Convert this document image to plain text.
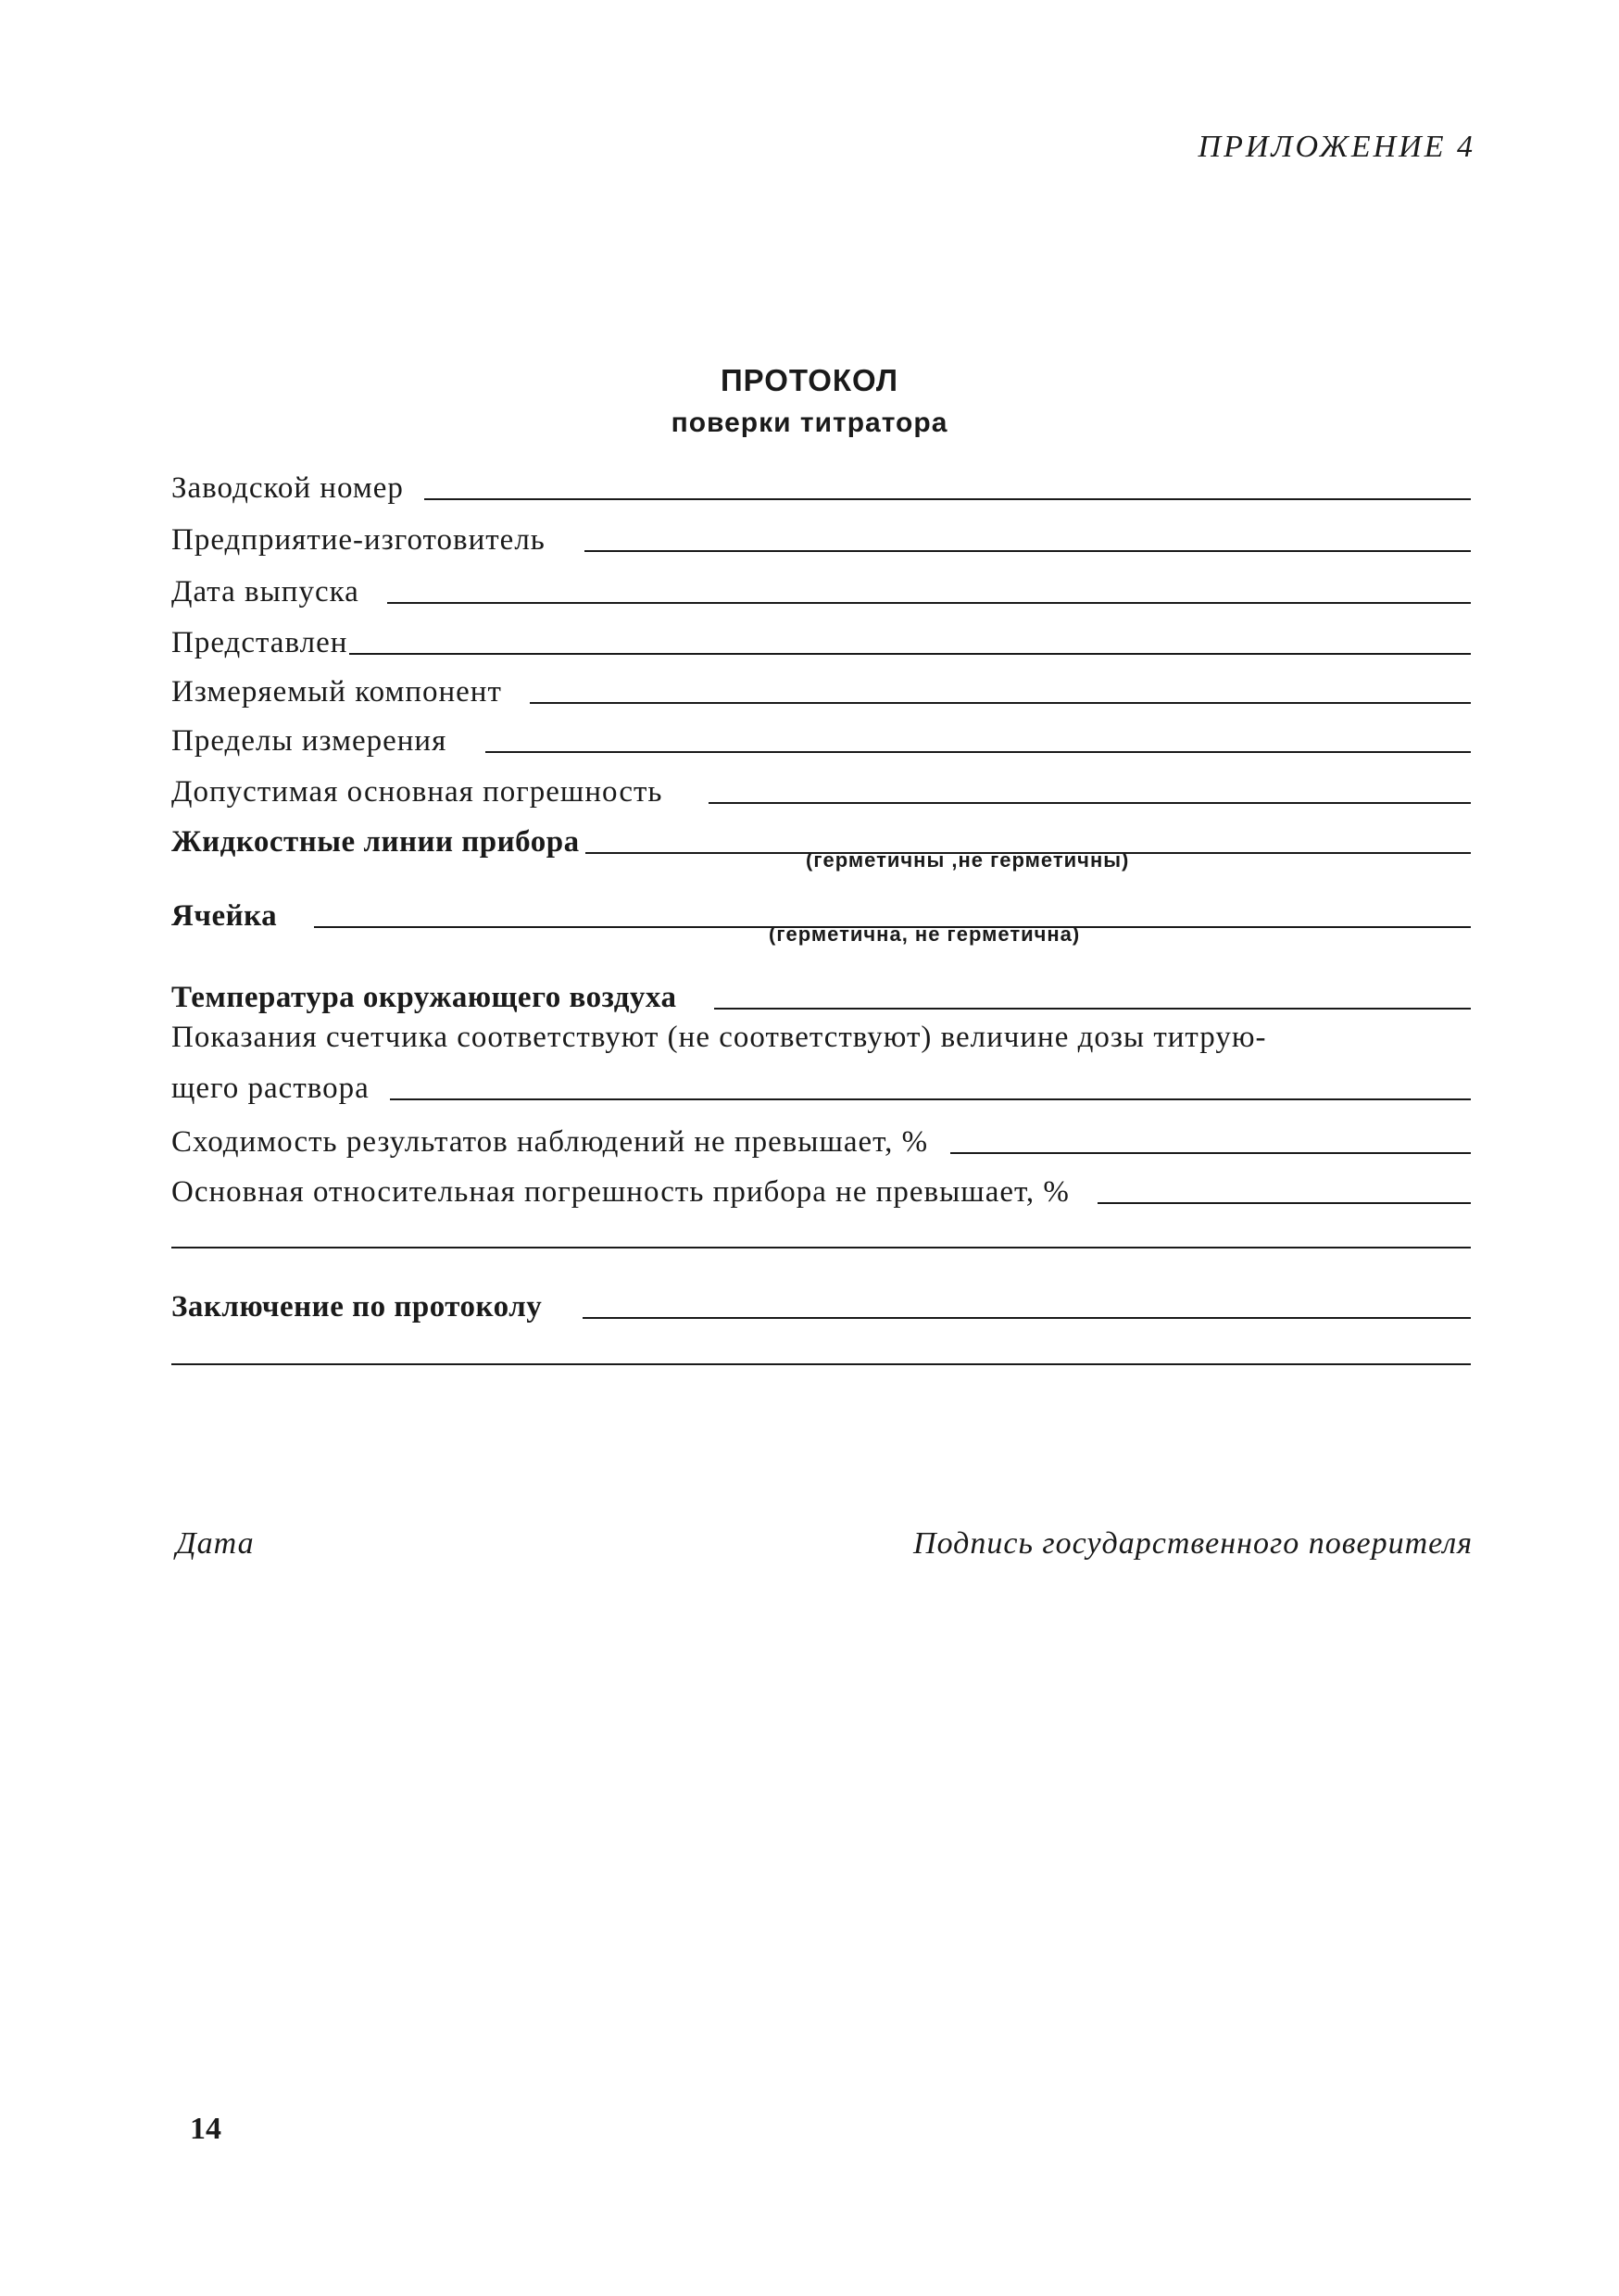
ПРИЛОЖЕНИЕ 4
ПРОТОКОЛ
поверки титратора
Заводской номер
Предприятие-изготовитель
Дата выпуска
Представлен
Измеряемый компонент
Пределы измерения
Допустимая основная погрешность
Жидкостные линии прибора
(герметичны ,не герметичны)
Ячейка
(герметична, не герметична)
Температура окружающего воздуха
Показания счетчика соответствуют (не соответствуют) величине дозы титрую-
щего раствора
Сходимость результатов наблюдений не превышает, %
Основная относительная погрешность прибора не превышает, %
Заключение по протоколу
Дата	Подпись государственного поверителя
14
